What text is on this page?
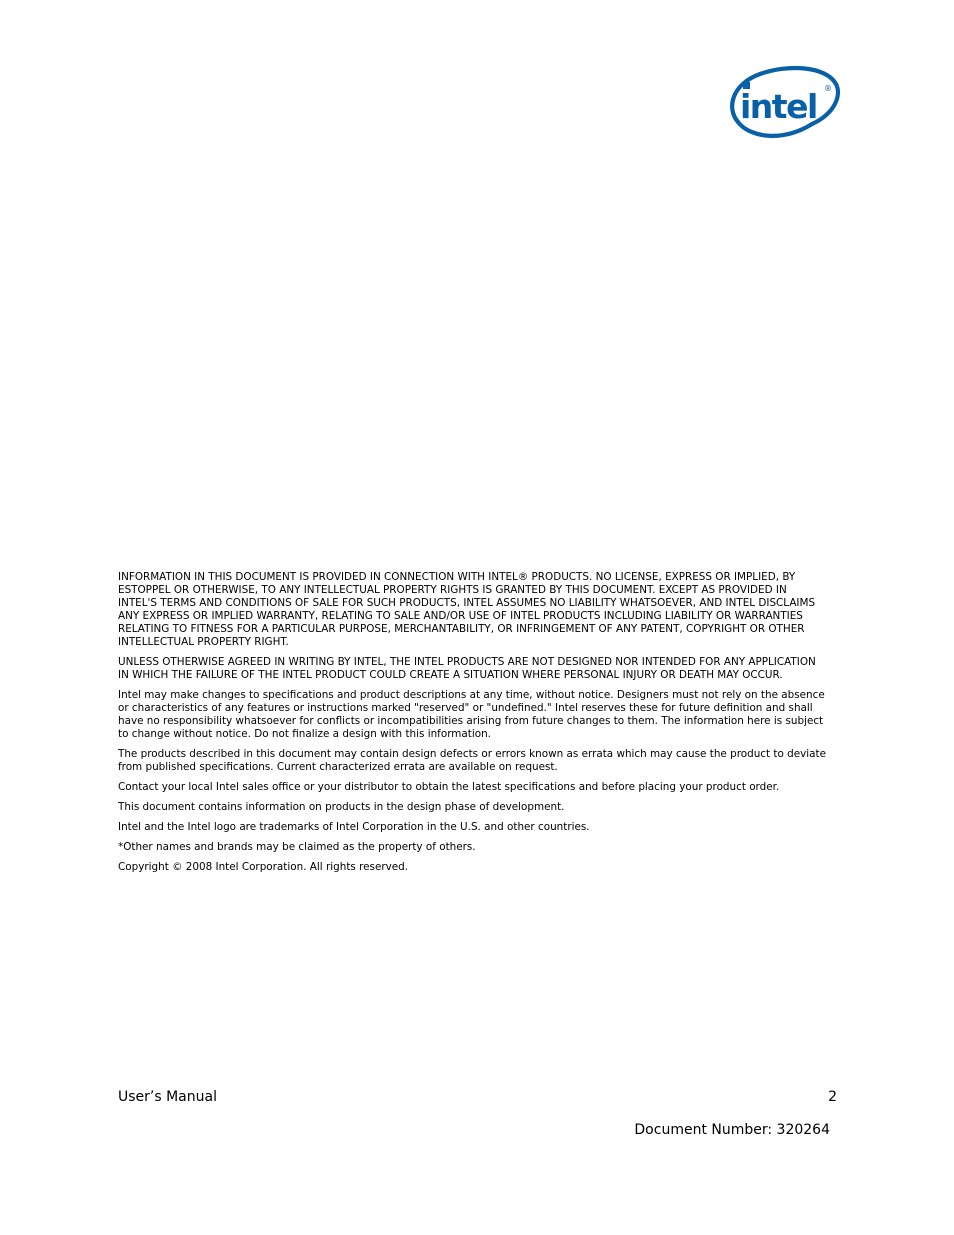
intel ®

INFORMATION IN THIS DOCUMENT IS PROVIDED IN CONNECTION WITH INTEL® PRODUCTS. NO LICENSE, EXPRESS OR IMPLIED, BY ESTOPPEL OR OTHERWISE, TO ANY INTELLECTUAL PROPERTY RIGHTS IS GRANTED BY THIS DOCUMENT. EXCEPT AS PROVIDED IN INTEL'S TERMS AND CONDITIONS OF SALE FOR SUCH PRODUCTS, INTEL ASSUMES NO LIABILITY WHATSOEVER, AND INTEL DISCLAIMS ANY EXPRESS OR IMPLIED WARRANTY, RELATING TO SALE AND/OR USE OF INTEL PRODUCTS INCLUDING LIABILITY OR WARRANTIES RELATING TO FITNESS FOR A PARTICULAR PURPOSE, MERCHANTABILITY, OR INFRINGEMENT OF ANY PATENT, COPYRIGHT OR OTHER INTELLECTUAL PROPERTY RIGHT.

UNLESS OTHERWISE AGREED IN WRITING BY INTEL, THE INTEL PRODUCTS ARE NOT DESIGNED NOR INTENDED FOR ANY APPLICATION IN WHICH THE FAILURE OF THE INTEL PRODUCT COULD CREATE A SITUATION WHERE PERSONAL INJURY OR DEATH MAY OCCUR.

Intel may make changes to specifications and product descriptions at any time, without notice. Designers must not rely on the absence or characteristics of any features or instructions marked "reserved" or "undefined." Intel reserves these for future definition and shall have no responsibility whatsoever for conflicts or incompatibilities arising from future changes to them. The information here is subject to change without notice. Do not finalize a design with this information.

The products described in this document may contain design defects or errors known as errata which may cause the product to deviate from published specifications. Current characterized errata are available on request.

Contact your local Intel sales office or your distributor to obtain the latest specifications and before placing your product order.

This document contains information on products in the design phase of development.

Intel and the Intel logo are trademarks of Intel Corporation in the U.S. and other countries.

*Other names and brands may be claimed as the property of others.

Copyright © 2008 Intel Corporation. All rights reserved.

User’s Manual	2
Document Number: 320264
